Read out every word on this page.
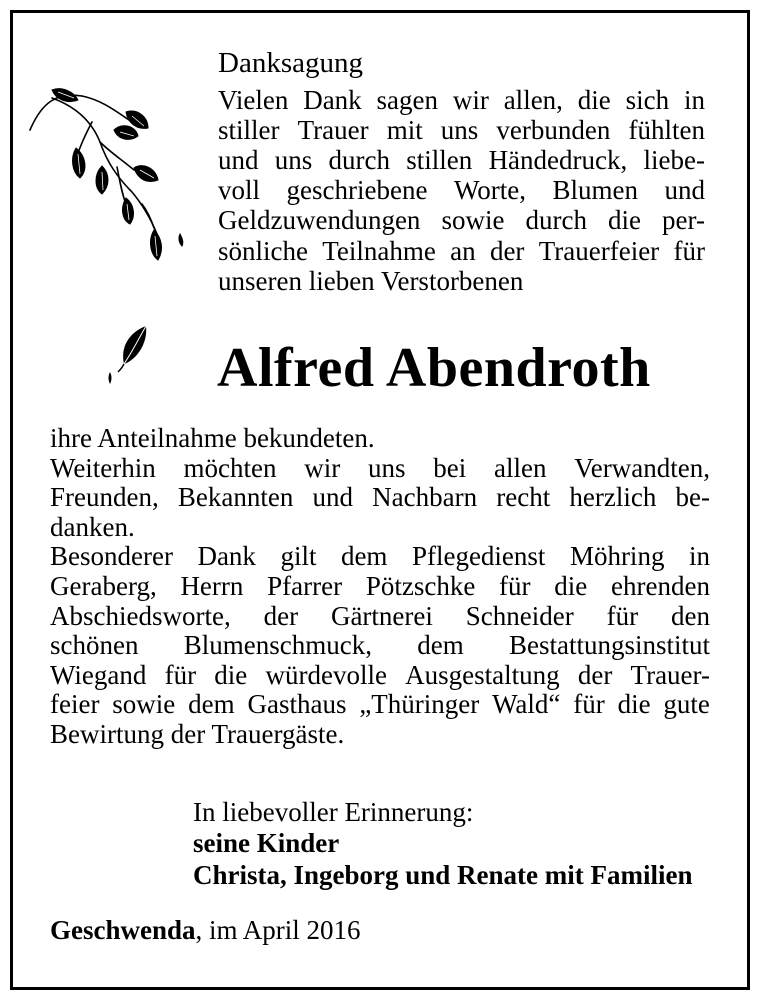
Danksagung
Vielen Dank sagen wir allen, die sich in
stiller Trauer mit uns verbunden fühlten
und uns durch stillen Händedruck, liebe-
voll geschriebene Worte, Blumen und
Geldzuwendungen sowie durch die per-
sönliche Teilnahme an der Trauerfeier für
unseren lieben Verstorbenen
Alfred Abendroth
ihre Anteilnahme bekundeten.
Weiterhin möchten wir uns bei allen Verwandten,
Freunden, Bekannten und Nachbarn recht herzlich be-
danken.
Besonderer Dank gilt dem Pflegedienst Möhring in
Geraberg, Herrn Pfarrer Pötzschke für die ehrenden
Abschiedsworte, der Gärtnerei Schneider für den
schönen Blumenschmuck, dem Bestattungsinstitut
Wiegand für die würdevolle Ausgestaltung der Trauer-
feier sowie dem Gasthaus „Thüringer Wald“ für die gute
Bewirtung der Trauergäste.
In liebevoller Erinnerung:
seine Kinder
Christa, Ingeborg und Renate mit Familien
Geschwenda, im April 2016
